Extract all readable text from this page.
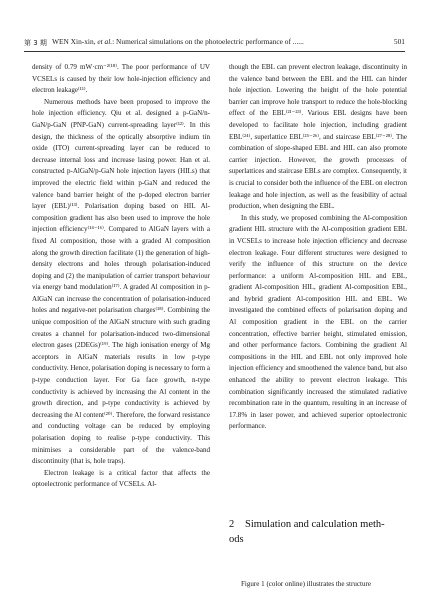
第 3 期 WEN Xin-xin, et al.: Numerical simulations on the photoelectric performance of ......	501

density of 0.79 mW·cm⁻²⁽¹⁸⁾. The poor performance of UV VCSELs is caused by their low hole-injection efficiency and electron leakage⁽¹¹⁾.

Numerous methods have been proposed to improve the hole injection efficiency. Qiu et al. designed a p-GaN/n-GaN/p-GaN (PNP-GaN) current-spreading layer⁽¹²⁾. In this design, the thickness of the optically absorptive indium tin oxide (ITO) current-spreading layer can be reduced to decrease internal loss and increase lasing power. Han et al. constructed p-AlGaN/p-GaN hole injection layers (HILs) that improved the electric field within p-GaN and reduced the valence band barrier height of the p-doped electron barrier layer (EBL)⁽¹³⁾. Polarisation doping based on HIL Al-composition gradient has also been used to improve the hole injection efficiency⁽¹⁴⁻¹⁶⁾. Compared to AlGaN layers with a fixed Al composition, those with a graded Al composition along the growth direction facilitate (1) the generation of high-density electrons and holes through polarisation-induced doping and (2) the manipulation of carrier transport behaviour via energy band modulation⁽¹⁷⁾. A graded Al composition in p-AlGaN can increase the concentration of polarisation-induced holes and negative-net polarisation charges⁽¹⁸⁾. Combining the unique composition of the AlGaN structure with such grading creates a channel for polarisation-induced two-dimensional electron gases (2DEGs)⁽¹⁹⁾. The high ionisation energy of Mg acceptors in AlGaN materials results in low p-type conductivity. Hence, polarisation doping is necessary to form a p-type conduction layer. For Ga face growth, n-type conductivity is achieved by increasing the Al content in the growth direction, and p-type conductivity is achieved by decreasing the Al content⁽²⁰⁾. Therefore, the forward resistance and conducting voltage can be reduced by employing polarisation doping to realise p-type conductivity. This minimises a considerable part of the valence-band discontinuity (that is, hole traps).

Electron leakage is a critical factor that affects the optoelectronic performance of VCSELs. Al-

though the EBL can prevent electron leakage, discontinuity in the valence band between the EBL and the HIL can hinder hole injection. Lowering the height of the hole potential barrier can improve hole transport to reduce the hole-blocking effect of the EBL⁽²¹⁻²³⁾. Various EBL designs have been developed to facilitate hole injection, including gradient EBL⁽²⁴⁾, superlattice EBL⁽²⁵⁻²⁶⁾, and staircase EBL⁽²⁷⁻²⁸⁾. The combination of slope-shaped EBL and HIL can also promote carrier injection. However, the growth processes of superlattices and staircase EBLs are complex. Consequently, it is crucial to consider both the influence of the EBL on electron leakage and hole injection, as well as the feasibility of actual production, when designing the EBL.

In this study, we proposed combining the Al-composition gradient HIL structure with the Al-composition gradient EBL in VCSELs to increase hole injection efficiency and decrease electron leakage. Four different structures were designed to verify the influence of this structure on the device performance: a uniform Al-composition HIL and EBL, gradient Al-composition HIL, gradient Al-composition EBL, and hybrid gradient Al-composition HIL and EBL. We investigated the combined effects of polarisation doping and Al composition gradient in the EBL on the carrier concentration, effective barrier height, stimulated emission, and other performance factors. Combining the gradient Al compositions in the HIL and EBL not only improved hole injection efficiency and smoothened the valence band, but also enhanced the ability to prevent electron leakage. This combination significantly increased the stimulated radiative recombination rate in the quantum, resulting in an increase of 17.8% in laser power, and achieved superior optoelectronic performance.

2 Simulation and calculation meth-
ods
Figure 1 (color online) illustrates the structure
